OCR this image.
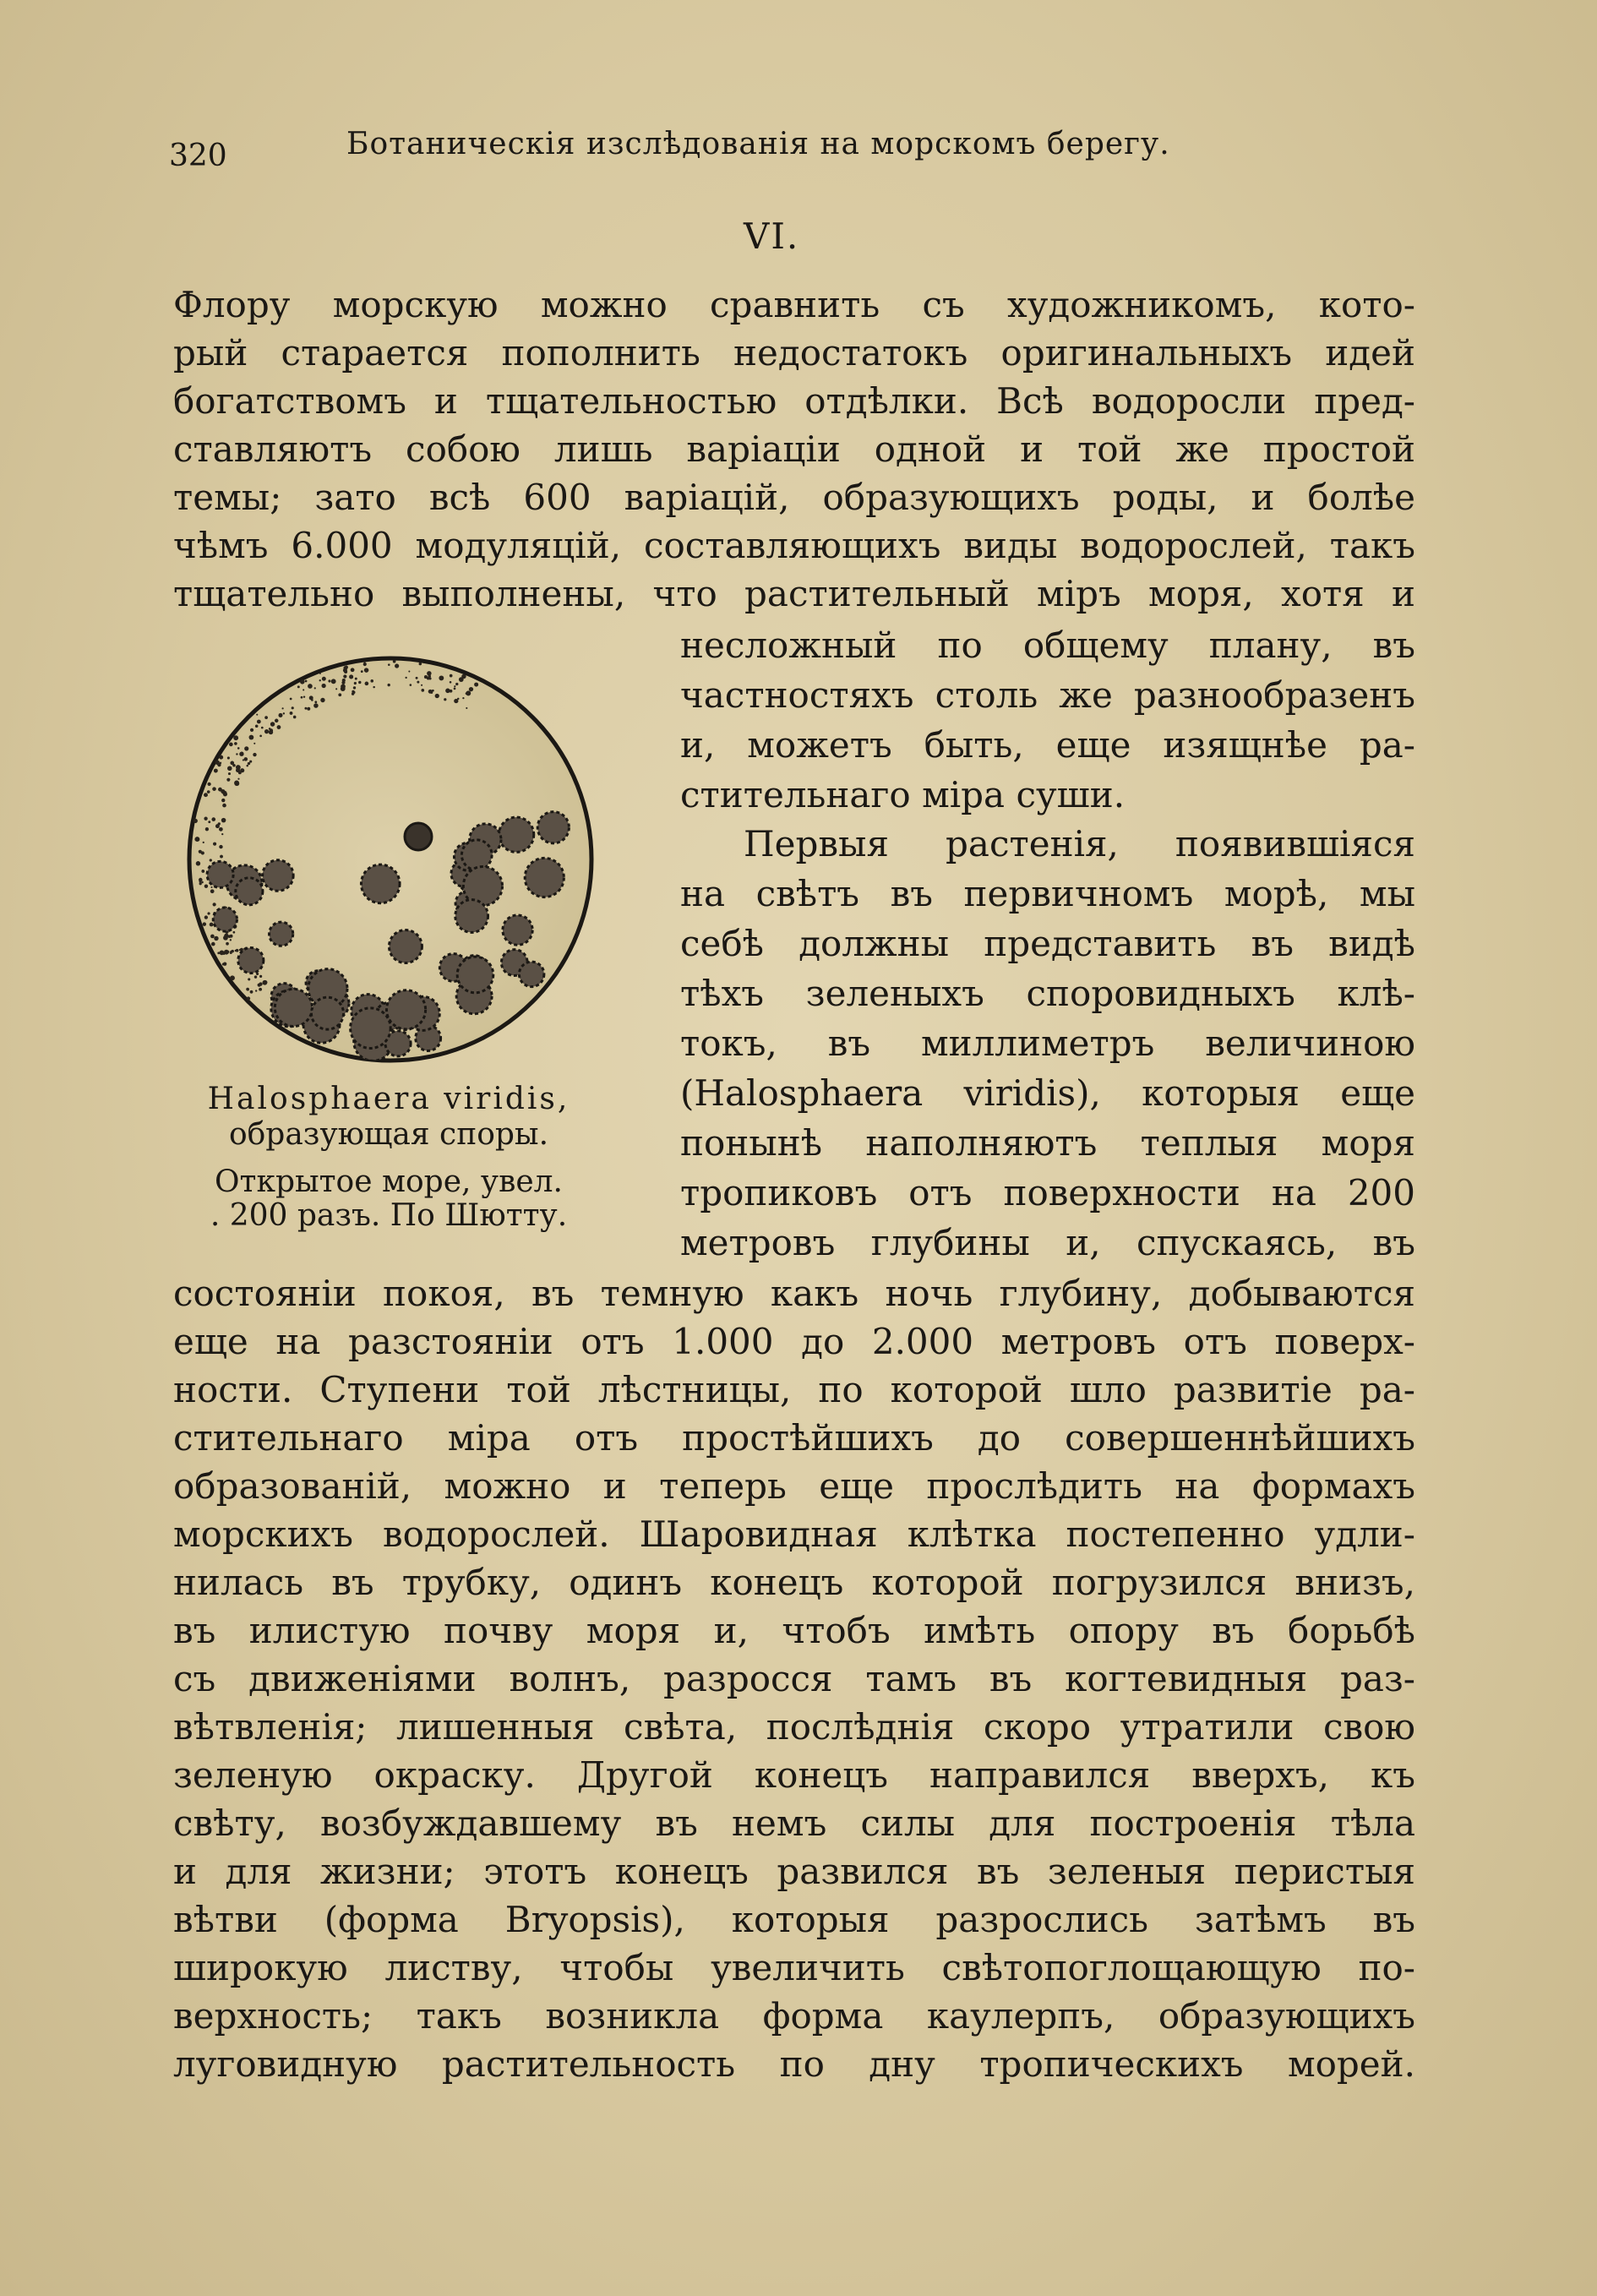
320	Ботаническія изслѣдованія на морскомъ берегу.
VI.
Флору морскую можно сравнить съ художникомъ, кото-
рый старается пополнить недостатокъ оригинальныхъ идей
богатствомъ и тщательностью отдѣлки. Всѣ водоросли пред-
ставляютъ собою лишь варіаціи одной и той же простой
темы; зато всѣ 600 варіацій, образующихъ роды, и болѣе
чѣмъ 6.000 модуляцій, составляющихъ виды водорослей, такъ
тщательно выполнены, что растительный міръ моря, хотя и
несложный по общему плану, въ
частностяхъ столь же разнообразенъ
и, можетъ быть, еще изящнѣе ра-
стительнаго міра суши.
Halosphaera viridis,
образующая споры.
Открытое море, увел.
. 200 разъ. По Шютту.
Первыя растенія, появившіяся
на свѣтъ въ первичномъ морѣ, мы
себѣ должны представить въ видѣ
тѣхъ зеленыхъ споровидныхъ клѣ-
токъ, въ миллиметръ величиною
(Halosphaera viridis), которыя еще
понынѣ наполняютъ теплыя моря
тропиковъ отъ поверхности на 200
метровъ глубины и, спускаясь, въ
состояніи покоя, въ темную какъ ночь глубину, добываются
еще на разстояніи отъ 1.000 до 2.000 метровъ отъ поверх-
ности. Ступени той лѣстницы, по которой шло развитіе ра-
стительнаго міра отъ простѣйшихъ до совершеннѣйшихъ
образованій, можно и теперь еще прослѣдить на формахъ
морскихъ водорослей. Шаровидная клѣтка постепенно удли-
нилась въ трубку, одинъ конецъ которой погрузился внизъ,
въ илистую почву моря и, чтобъ имѣть опору въ борьбѣ
съ движеніями волнъ, разросся тамъ въ когтевидныя раз-
вѣтвленія; лишенныя свѣта, послѣднія скоро утратили свою
зеленую окраску. Другой конецъ направился вверхъ, къ
свѣту, возбуждавшему въ немъ силы для построенія тѣла
и для жизни; этотъ конецъ развился въ зеленыя перистыя
вѣтви (форма Bryopsis), которыя разрослись затѣмъ въ
широкую листву, чтобы увеличить свѣтопоглощающую по-
верхность; такъ возникла форма каулерпъ, образующихъ
луговидную растительность по дну тропическихъ морей.
